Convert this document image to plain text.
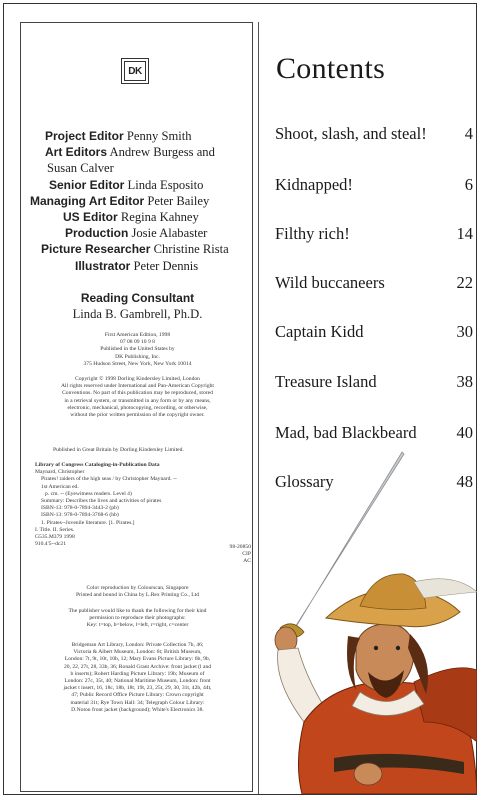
DK
Project Editor Penny Smith
Art Editors Andrew Burgess and
Susan Calver
Senior Editor Linda Esposito
Managing Art Editor Peter Bailey
US Editor Regina Kahney
Production Josie Alabaster
Picture Researcher Christine Rista
Illustrator Peter Dennis
Reading Consultant
Linda B. Gambrell, Ph.D.
First American Edition, 1998
07 08 09 10 9 8
Published in the United States by
DK Publishing, Inc.
375 Hudson Street, New York, New York 10014
Copyright © 1998 Dorling Kindersley Limited, London
All rights reserved under International and Pan-American Copyright
Conventions. No part of this publication may be reproduced, stored
in a retrieval system, or transmitted in any form or by any means,
electronic, mechanical, photocopying, recording, or otherwise,
without the prior written permission of the copyright owner.
Published in Great Britain by Dorling Kindersley Limited.
Library of Congress Cataloging-in-Publication Data
Maynard, Christopher
Pirates! raiders of the high seas / by Christopher Maynard. --
1st American ed.
p. cm. -- (Eyewitness readers. Level 4)
Summary: Describes the lives and activities of pirates
ISBN-13: 978-0-7894-3443-2 (pb)
ISBN-13: 978-0-7894-3768-6 (hb)
1. Pirates--Juvenile literature. [1. Pirates.]
I. Title. II. Series.
G535.M379 1998
910.4'5--dc21	98-20850
CIP
AC
Color reproduction by Colourscan, Singapore
Printed and bound in China by L.Rex Printing Co., Ltd
The publisher would like to thank the following for their kind
permission to reproduce their photographs:
Key: t=top, b=below, l=left, r=right, c=center
Bridgeman Art Library, London: Private Collection 7b, 46;
Victoria & Albert Museum, London: 6t; British Museum,
London: 7t, 9t, 10t, 10b, 12; Mary Evans Picture Library: 6b, 9b,
20, 22, 27t, 28, 33b, 36; Ronald Grant Archive: front jacket (l and
b inserts); Robert Harding Picture Library: 19b; Museum of
London: 27c, 35t, 40; National Maritime Museum, London: front
jacket t insert, 16, 18c, 18b, 18t, 19t, 23, 25t, 29, 30, 31t, 42b, 44t,
47; Public Record Office Picture Library: Crown copyright
material 31t; Rye Town Hall: 34; Telegraph Colour Library:
D.Noton front jacket (background); White's Electronics 38.
Contents
Shoot, slash, and steal! 4
Kidnapped!	6
Filthy rich!	14
Wild buccaneers	22
Captain Kidd	30
Treasure Island	38
Mad, bad Blackbeard 40
Glossary	48
